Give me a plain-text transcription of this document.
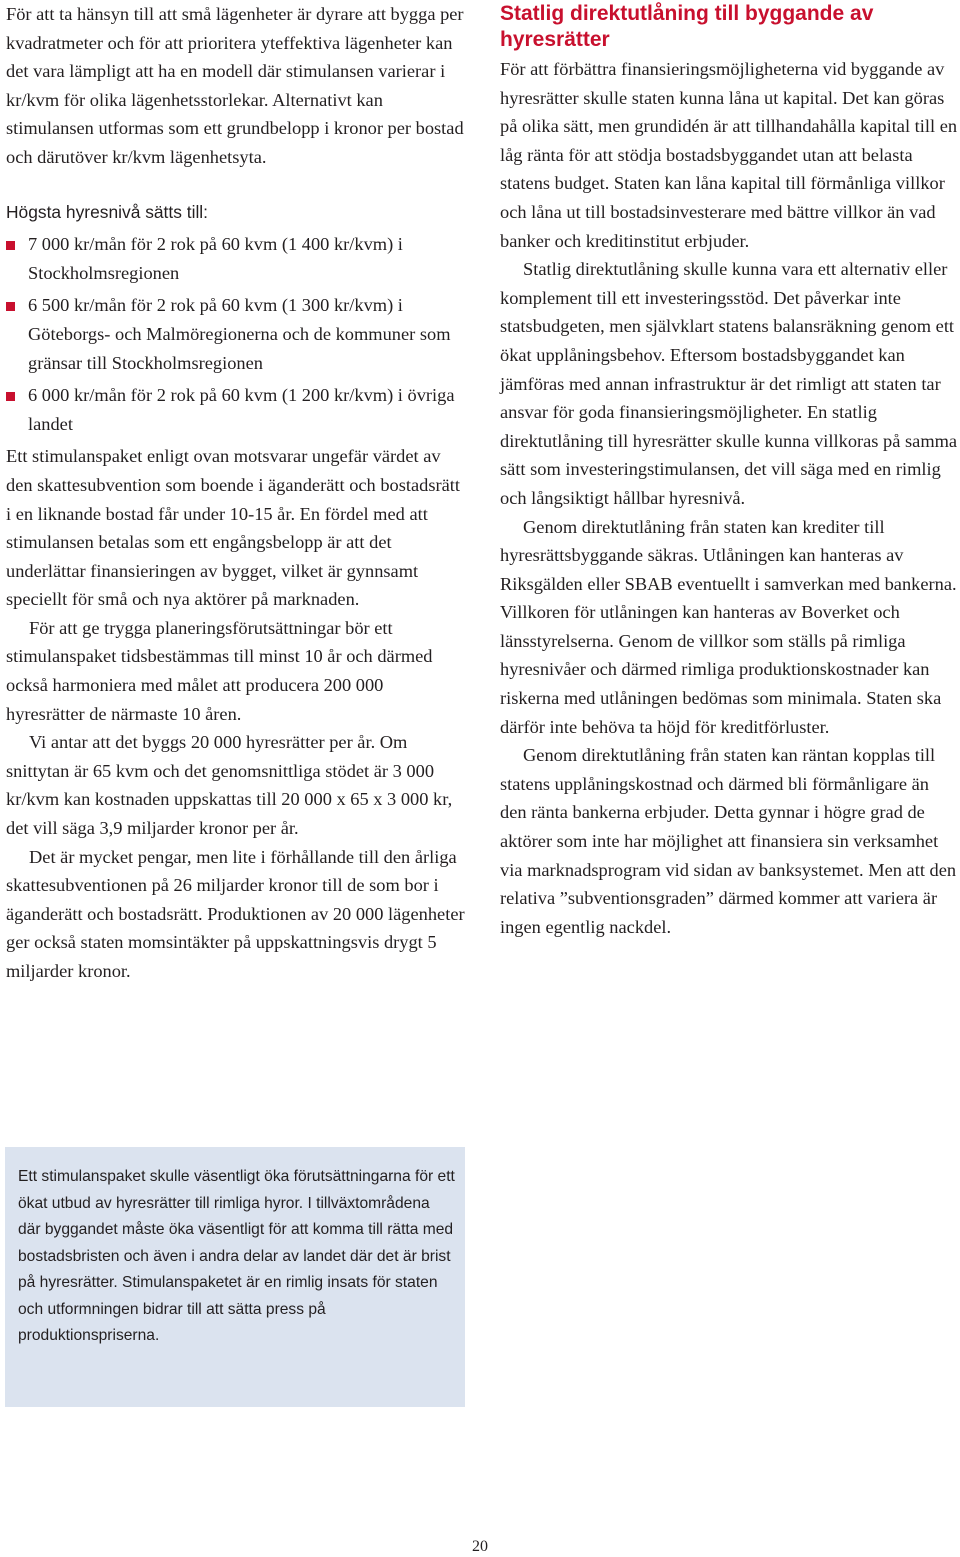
För att ta hänsyn till att små lägenheter är dyrare att bygga per kvadratmeter och för att prioritera yteffektiva lägenheter kan det vara lämpligt att ha en modell där stimulansen varierar i kr/kvm för olika lägenhetsstorlekar. Alternativt kan stimulansen utformas som ett grundbelopp i kronor per bostad och därutöver kr/kvm lägenhetsyta.

Högsta hyresnivå sätts till:

7 000 kr/mån för 2 rok på 60 kvm (1 400 kr/kvm) i Stockholmsregionen
6 500 kr/mån för 2 rok på 60 kvm (1 300 kr/kvm) i Göteborgs- och Malmöregionerna och de kommuner som gränsar till Stockholmsregionen
6 000 kr/mån för 2 rok på 60 kvm (1 200 kr/kvm) i övriga landet

Ett stimulanspaket enligt ovan motsvarar ungefär värdet av den skattesubvention som boende i äganderätt och bostadsrätt i en liknande bostad får under 10-15 år. En fördel med att stimulansen betalas som ett engångsbelopp är att det underlättar finansieringen av bygget, vilket är gynnsamt speciellt för små och nya aktörer på marknaden.

För att ge trygga planeringsförutsättningar bör ett stimulanspaket tidsbestämmas till minst 10 år och därmed också harmoniera med målet att producera 200 000 hyresrätter de närmaste 10 åren.

Vi antar att det byggs 20 000 hyresrätter per år. Om snittytan är 65 kvm och det genomsnittliga stödet är 3 000 kr/kvm kan kostnaden uppskattas till 20 000 x 65 x 3 000 kr, det vill säga 3,9 miljarder kronor per år.

Det är mycket pengar, men lite i förhållande till den årliga skattesubventionen på 26 miljarder kronor till de som bor i äganderätt och bostadsrätt. Produktionen av 20 000 lägenheter ger också staten momsintäkter på uppskattningsvis drygt 5 miljarder kronor.

Statlig direktutlåning till byggande av hyresrätter

För att förbättra finansieringsmöjligheterna vid byggande av hyresrätter skulle staten kunna låna ut kapital. Det kan göras på olika sätt, men grundidén är att tillhandahålla kapital till en låg ränta för att stödja bostadsbyggandet utan att belasta statens budget. Staten kan låna kapital till förmånliga villkor och låna ut till bostadsinvesterare med bättre villkor än vad banker och kreditinstitut erbjuder.

Statlig direktutlåning skulle kunna vara ett alternativ eller komplement till ett investeringsstöd. Det påverkar inte statsbudgeten, men självklart statens balansräkning genom ett ökat upplåningsbehov. Eftersom bostadsbyggandet kan jämföras med annan infrastruktur är det rimligt att staten tar ansvar för goda finansieringsmöjligheter. En statlig direktutlåning till hyresrätter skulle kunna villkoras på samma sätt som investeringstimulansen, det vill säga med en rimlig och långsiktigt hållbar hyresnivå.

Genom direktutlåning från staten kan krediter till hyresrättsbyggande säkras. Utlåningen kan hanteras av Riksgälden eller SBAB eventuellt i samverkan med bankerna. Villkoren för utlåningen kan hanteras av Boverket och länsstyrelserna. Genom de villkor som ställs på rimliga hyresnivåer och därmed rimliga produktionskostnader kan riskerna med utlåningen bedömas som minimala. Staten ska därför inte behöva ta höjd för kreditförluster.

Genom direktutlåning från staten kan räntan kopplas till statens upplåningskostnad och därmed bli förmånligare än den ränta bankerna erbjuder. Detta gynnar i högre grad de aktörer som inte har möjlighet att finansiera sin verksamhet via marknadsprogram vid sidan av banksystemet. Men att den relativa ”subventionsgraden” därmed kommer att variera är ingen egentlig nackdel.

Ett stimulanspaket skulle väsentligt öka förutsättningarna för ett ökat utbud av hyresrätter till rimliga hyror. I tillväxtområdena där byggandet måste öka väsentligt för att komma till rätta med bostadsbristen och även i andra delar av landet där det är brist på hyresrätter. Stimulanspaketet är en rimlig insats för staten och utformningen bidrar till att sätta press på produktionspriserna.
20
